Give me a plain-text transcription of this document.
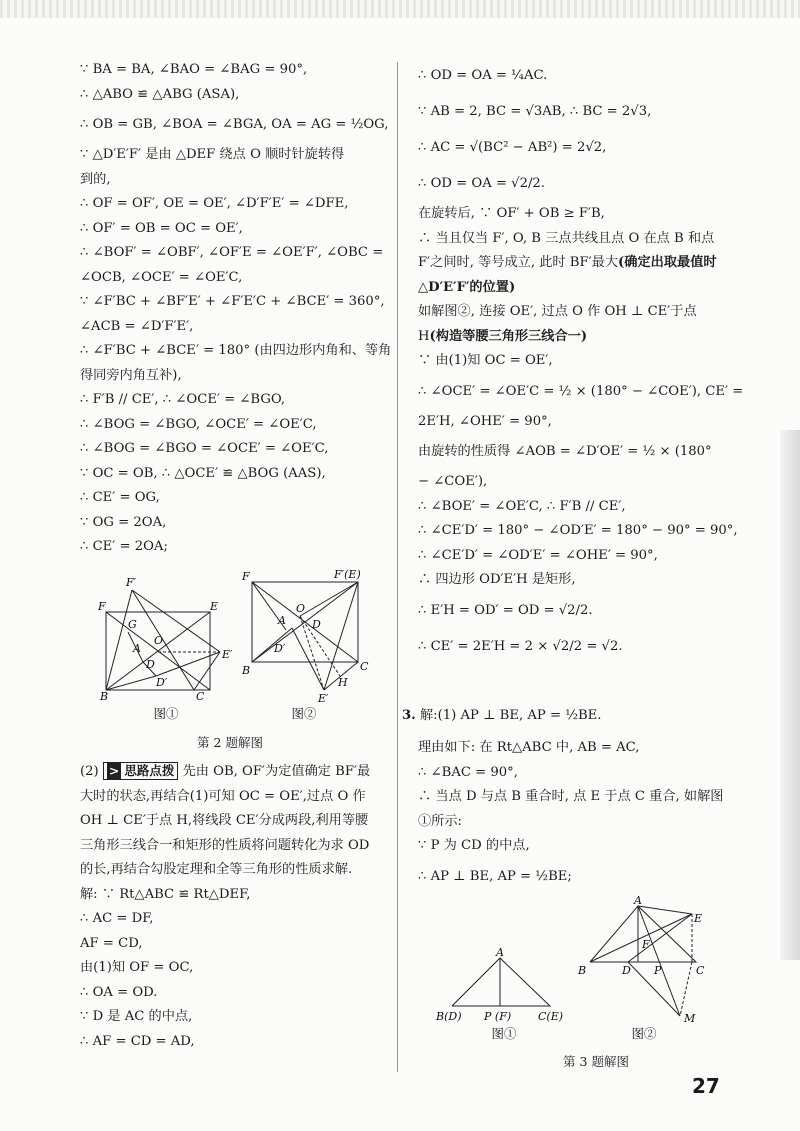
∵ BA = BA, ∠BAO = ∠BAG = 90°,
∴ △ABO ≌ △ABG (ASA),
∴ OB = GB, ∠BOA = ∠BGA, OA = AG = ½OG,
∵ △D′E′F′ 是由 △DEF 绕点 O 顺时针旋转得
到的,
∴ OF = OF′, OE = OE′, ∠D′F′E′ = ∠DFE,
∴ OF′ = OB = OC = OE′,
∴ ∠BOF′ = ∠OBF′, ∠OF′E = ∠OE′F′, ∠OBC =
∠OCB, ∠OCE′ = ∠OE′C,
∵ ∠F′BC + ∠BF′E′ + ∠F′E′C + ∠BCE′ = 360°,
∠ACB = ∠D′F′E′,
∴ ∠F′BC + ∠BCE′ = 180° (由四边形内角和、等角
得同旁内角互补),
∴ F′B // CE′, ∴ ∠OCE′ = ∠BGO,
∴ ∠BOG = ∠BGO, ∠OCE′ = ∠OE′C,
∴ ∠BOG = ∠BGO = ∠OCE′ = ∠OE′C,
∵ OC = OB, ∴ △OCE′ ≌ △BOG (AAS),
∴ CE′ = OG,
∵ OG = 2OA,
∴ CE′ = 2OA;
F′
F	E
G
A
O
D
E′
D′
B	C
图①
F	F′(E)
A
O
D
D′
B
E′
H
C
图②
第 2 题解图
(2) > 思路点拨 先由 OB, OF′为定值确定 BF′最大时的状态,再结合(1)可知 OC = OE′,过点 O 作 OH ⊥ CE′于点 H,将线段 CE′分成两段,利用等腰三角形三线合一和矩形的性质将问题转化为求 OD 的长,再结合勾股定理和全等三角形的性质求解.
解: ∵ Rt△ABC ≌ Rt△DEF,
∴ AC = DF,
AF = CD,
由(1)知 OF = OC,
∴ OA = OD.
∵ D 是 AC 的中点,
∴ AF = CD = AD,
∴ OD = OA = ¼AC.
∵ AB = 2, BC = √3AB, ∴ BC = 2√3,
∴ AC = √(BC² − AB²) = 2√2,
∴ OD = OA = √2/2.
在旋转后, ∵ OF′ + OB ≥ F′B,
∴ 当且仅当 F′, O, B 三点共线且点 O 在点 B 和点 F′之间时, 等号成立, 此时 BF′最大(确定出取最值时△D′E′F′的位置)
如解图②, 连接 OE′, 过点 O 作 OH ⊥ CE′于点 H(构造等腰三角形三线合一)
∵ 由(1)知 OC = OE′,
∴ ∠OCE′ = ∠OE′C = ½ × (180° − ∠COE′), CE′ =
2E′H, ∠OHE′ = 90°,
由旋转的性质得 ∠AOB = ∠D′OE′ = ½ × (180°
− ∠COE′),
∴ ∠BOE′ = ∠OE′C, ∴ F′B // CE′,
∴ ∠CE′D′ = 180° − ∠OD′E′ = 180° − 90° = 90°,
∴ ∠CE′D′ = ∠OD′E′ = ∠OHE′ = 90°,
∴ 四边形 OD′E′H 是矩形,
∴ E′H = OD′ = OD = √2/2.
∴ CE′ = 2E′H = 2 × √2/2 = √2.
3. 解:(1) AP ⊥ BE, AP = ½BE.
理由如下: 在 Rt△ABC 中, AB = AC,
∴ ∠BAC = 90°,
∴ 当点 D 与点 B 重合时, 点 E 于点 C 重合, 如解图
①所示:
∵ P 为 CD 的中点,
∴ AP ⊥ BE, AP = ½BE;
A
B(D) P (F) C(E)
图①
A
E
F
B	D P	C
M
图②
第 3 题解图
27
